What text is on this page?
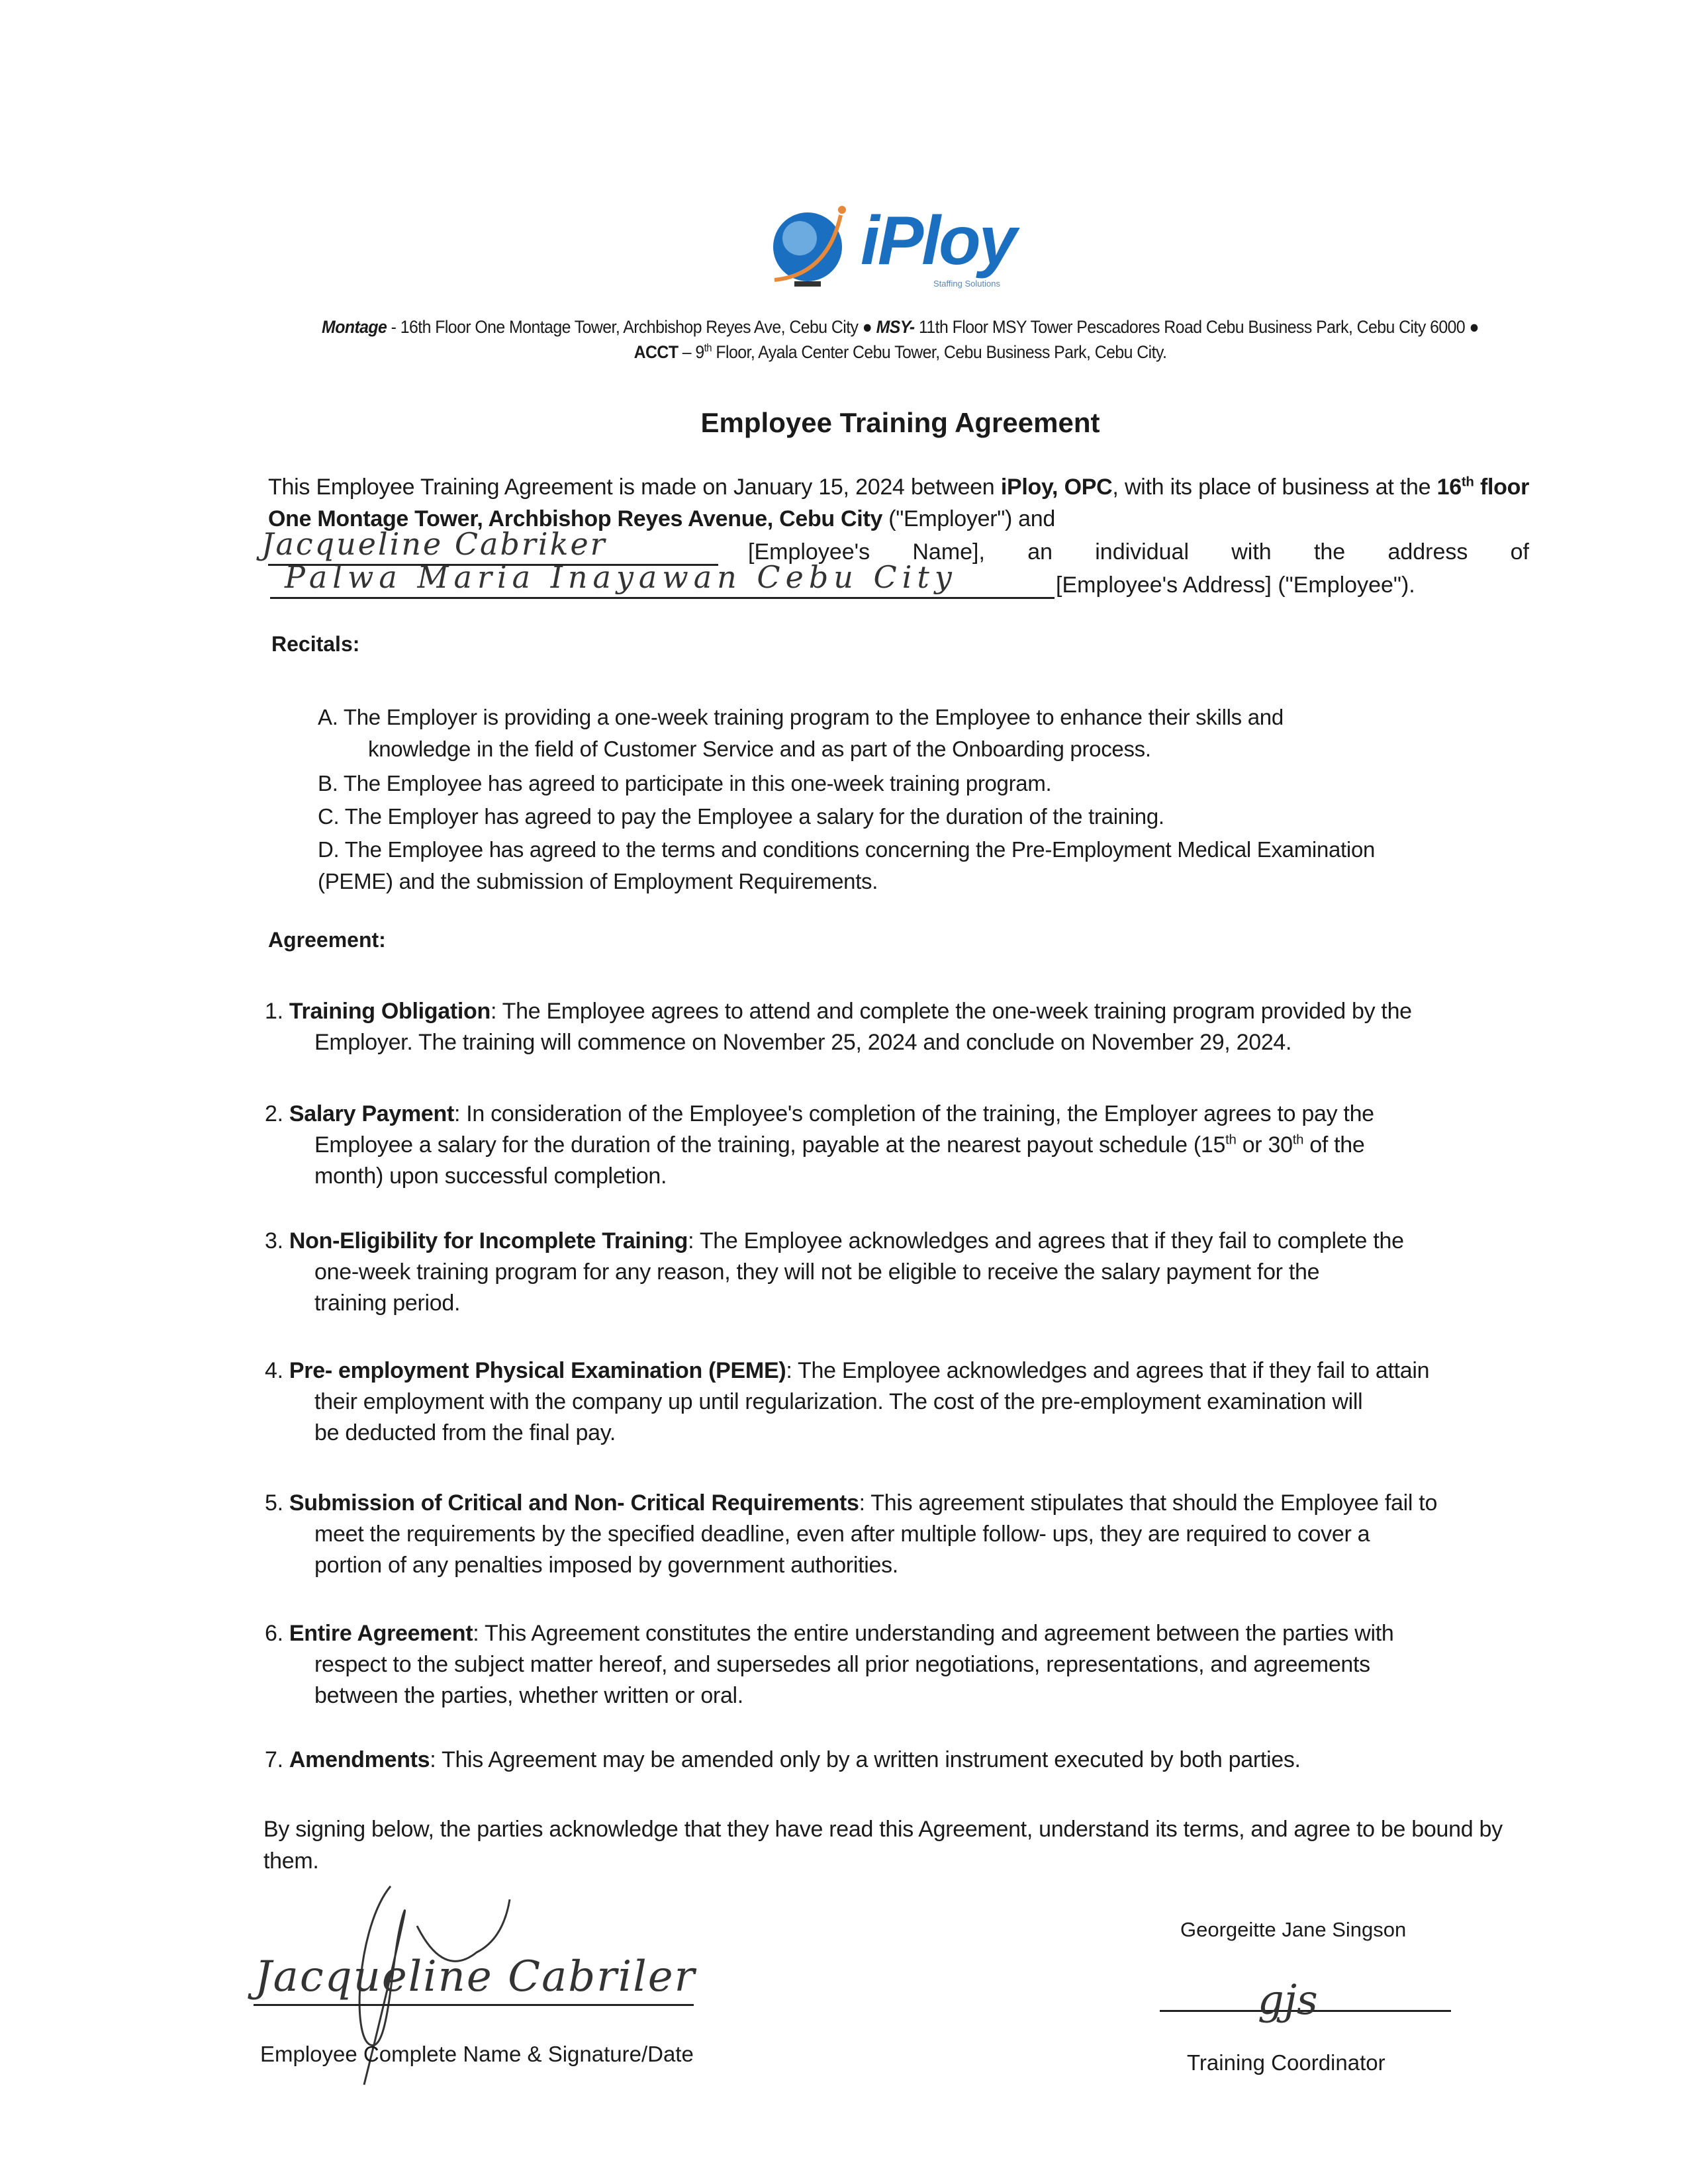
iPloy
Staffing Solutions
Montage - 16th Floor One Montage Tower, Archbishop Reyes Ave, Cebu City ● MSY- 11th Floor MSY Tower Pescadores Road Cebu Business Park, Cebu City 6000 ● ACCT – 9th Floor, Ayala Center Cebu Tower, Cebu Business Park, Cebu City.
Employee Training Agreement
This Employee Training Agreement is made on January 15, 2024 between iPloy, OPC, with its place of business at the 16th floor One Montage Tower, Archbishop Reyes Avenue, Cebu City ("Employer") and
Jacqueline Cabriker	[Employee's Name], an individual with the address of
Palwa Maria Inayawan Cebu City	[Employee's Address] ("Employee").
Recitals:
A. The Employer is providing a one-week training program to the Employee to enhance their skills and
knowledge in the field of Customer Service and as part of the Onboarding process.
B. The Employee has agreed to participate in this one-week training program.
C. The Employer has agreed to pay the Employee a salary for the duration of the training.
D. The Employee has agreed to the terms and conditions concerning the Pre-Employment Medical Examination
(PEME) and the submission of Employment Requirements.
Agreement:
1. Training Obligation: The Employee agrees to attend and complete the one-week training program provided by the
Employer. The training will commence on November 25, 2024 and conclude on November 29, 2024.
2. Salary Payment: In consideration of the Employee's completion of the training, the Employer agrees to pay the
Employee a salary for the duration of the training, payable at the nearest payout schedule (15th or 30th of the
month) upon successful completion.
3. Non-Eligibility for Incomplete Training: The Employee acknowledges and agrees that if they fail to complete the
one-week training program for any reason, they will not be eligible to receive the salary payment for the
training period.
4. Pre- employment Physical Examination (PEME): The Employee acknowledges and agrees that if they fail to attain
their employment with the company up until regularization. The cost of the pre-employment examination will
be deducted from the final pay.
5. Submission of Critical and Non- Critical Requirements: This agreement stipulates that should the Employee fail to
meet the requirements by the specified deadline, even after multiple follow- ups, they are required to cover a
portion of any penalties imposed by government authorities.
6. Entire Agreement: This Agreement constitutes the entire understanding and agreement between the parties with
respect to the subject matter hereof, and supersedes all prior negotiations, representations, and agreements
between the parties, whether written or oral.
7. Amendments: This Agreement may be amended only by a written instrument executed by both parties.
By signing below, the parties acknowledge that they have read this Agreement, understand its terms, and agree to be bound by them.
Jacqueline Cabriler
Employee Complete Name & Signature/Date
Georgeitte Jane Singson
gjs
Training Coordinator
